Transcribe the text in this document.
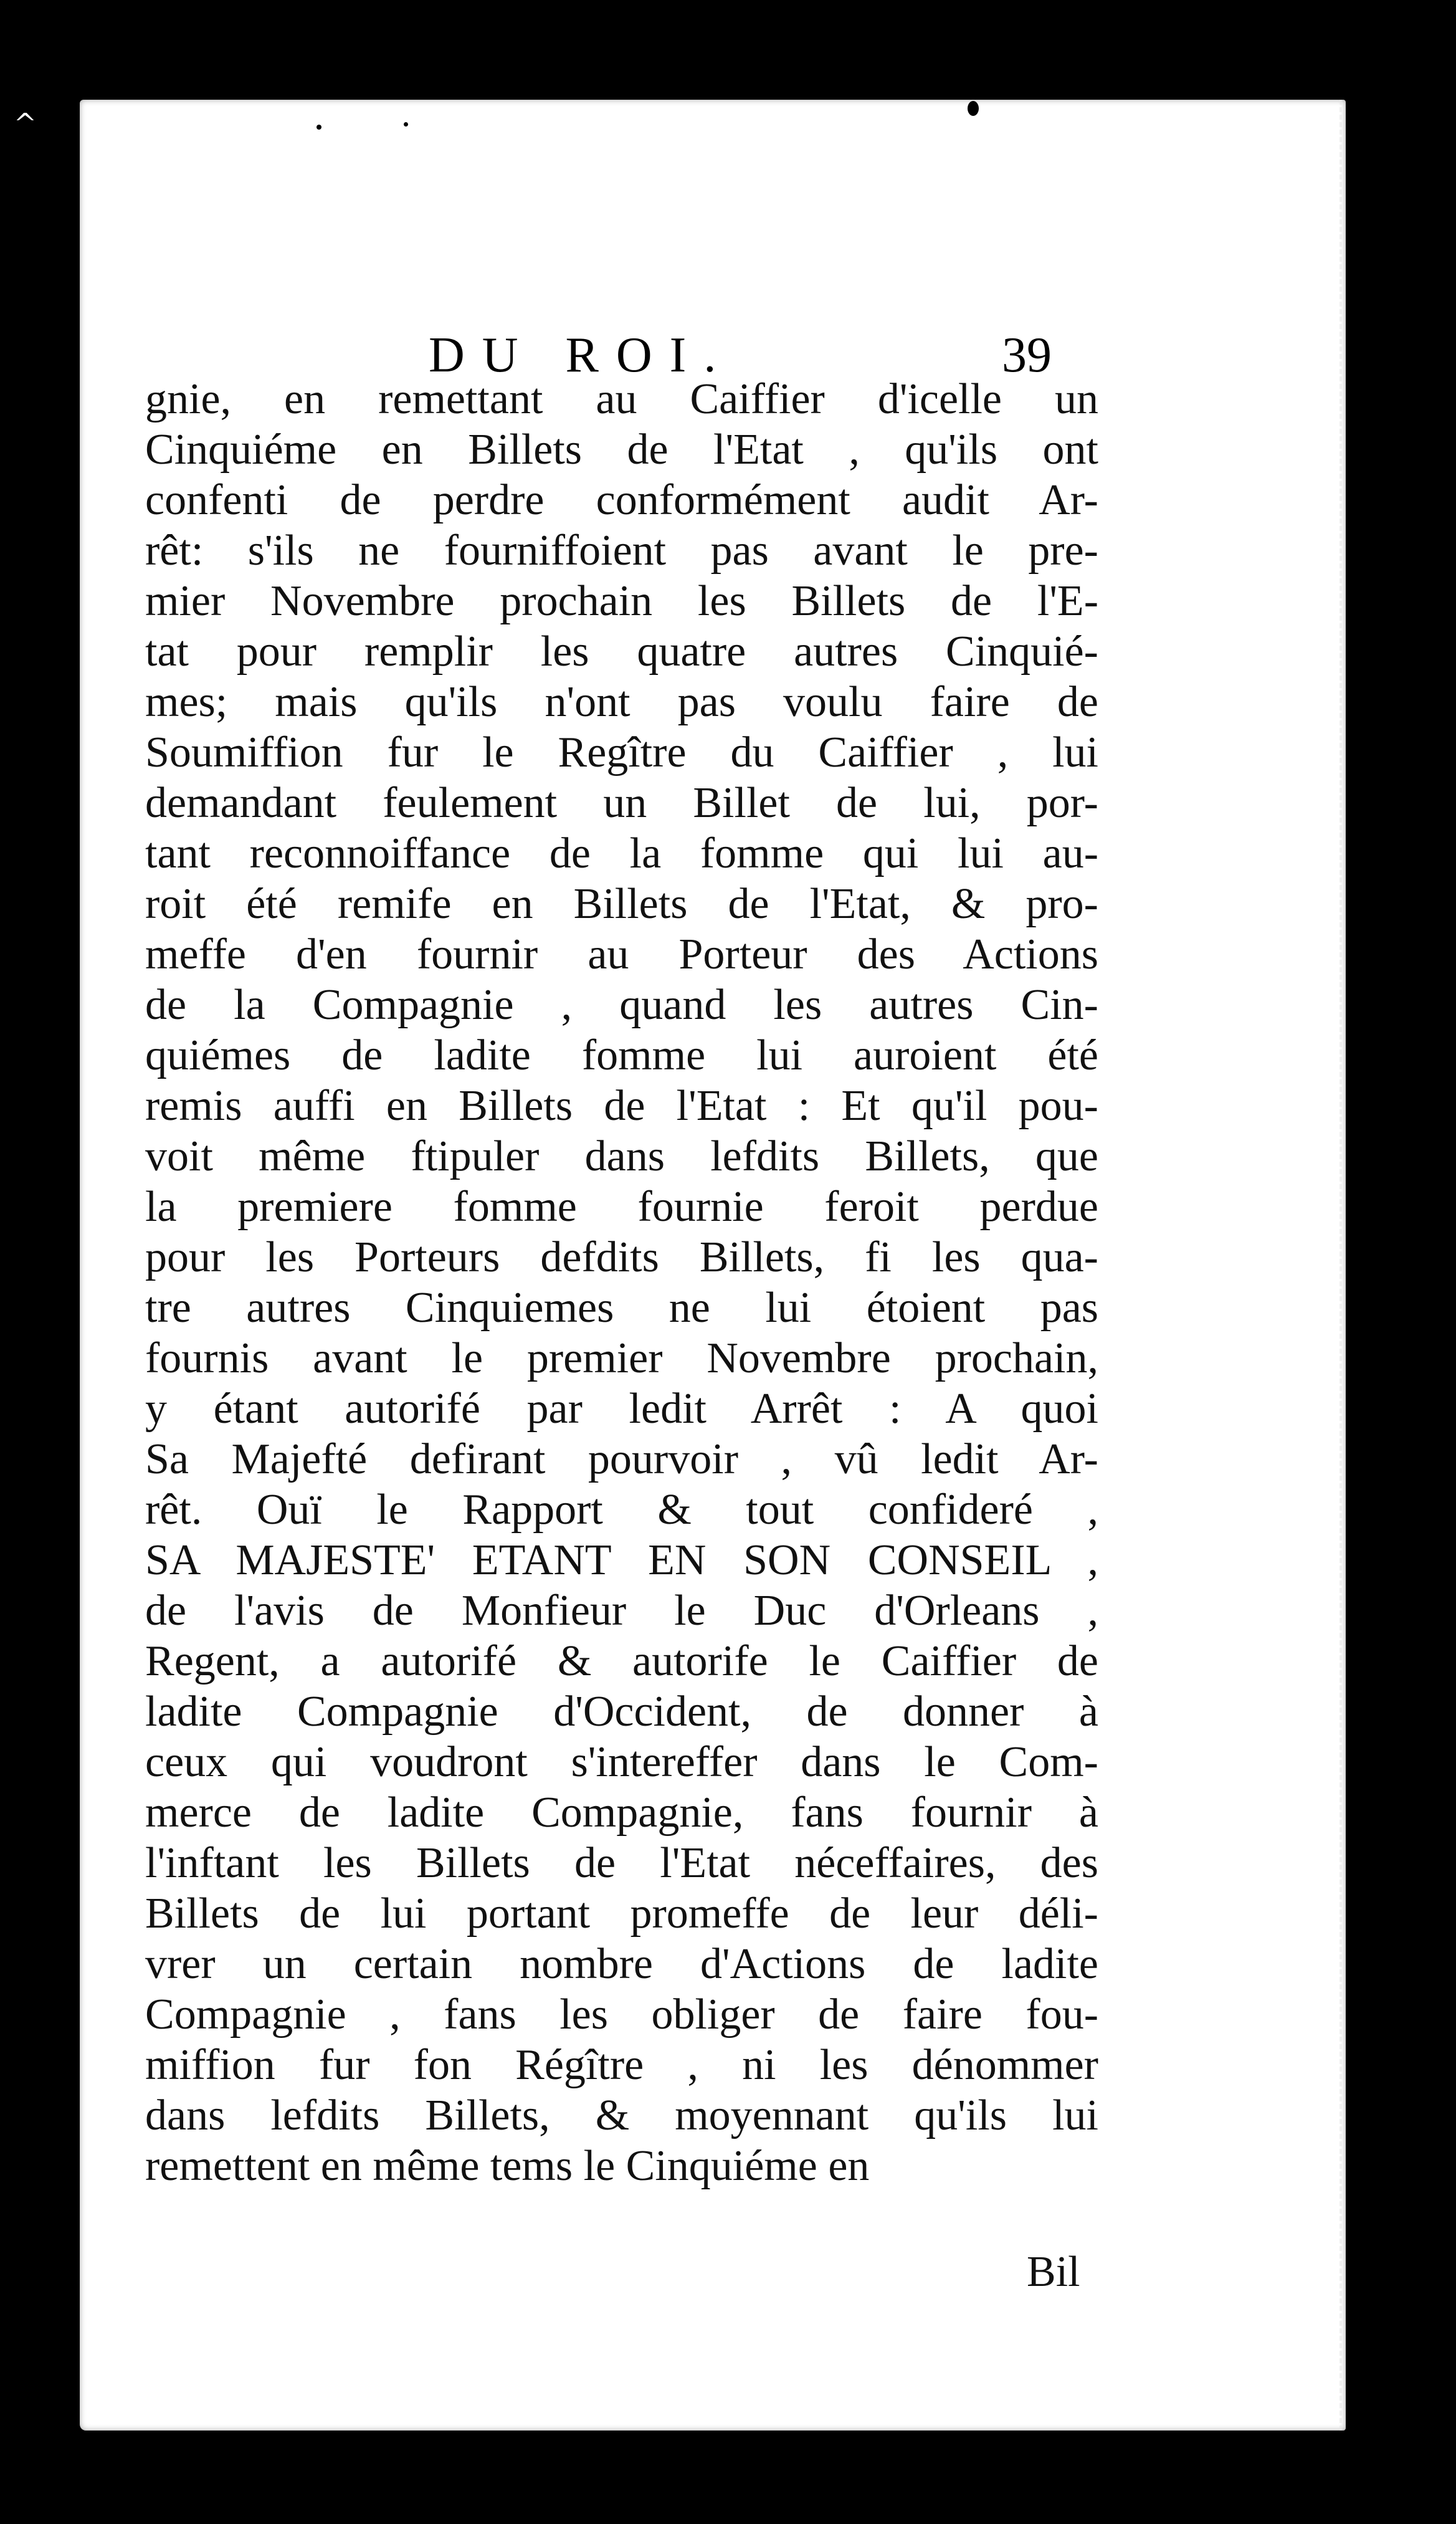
^
DU ROI.	39
gnie, en remettant au Caiffier d'icelle un
Cinquiéme en Billets de l'Etat , qu'ils ont
confenti de perdre conformément audit Ar-
rêt: s'ils ne fourniffoient pas avant le pre-
mier Novembre prochain les Billets de l'E-
tat pour remplir les quatre autres Cinquié-
mes; mais qu'ils n'ont pas voulu faire de
Soumiffion fur le Regître du Caiffier , lui
demandant feulement un Billet de lui, por-
tant reconnoiffance de la fomme qui lui au-
roit été remife en Billets de l'Etat, & pro-
meffe d'en fournir au Porteur des Actions
de la Compagnie , quand les autres Cin-
quiémes de ladite fomme lui auroient été
remis auffi en Billets de l'Etat : Et qu'il pou-
voit même ftipuler dans lefdits Billets, que
la premiere fomme fournie feroit perdue
pour les Porteurs defdits Billets, fi les qua-
tre autres Cinquiemes ne lui étoient pas
fournis avant le premier Novembre prochain,
y étant autorifé par ledit Arrêt : A quoi
Sa Majefté defirant pourvoir , vû ledit Ar-
rêt. Ouï le Rapport & tout confideré ,
SA MAJESTE' ETANT EN SON CONSEIL ,
de l'avis de Monfieur le Duc d'Orleans ,
Regent, a autorifé & autorife le Caiffier de
ladite Compagnie d'Occident, de donner à
ceux qui voudront s'intereffer dans le Com-
merce de ladite Compagnie, fans fournir à
l'inftant les Billets de l'Etat néceffaires, des
Billets de lui portant promeffe de leur déli-
vrer un certain nombre d'Actions de ladite
Compagnie , fans les obliger de faire fou-
miffion fur fon Régître , ni les dénommer
dans lefdits Billets, & moyennant qu'ils lui
remettent en même tems le Cinquiéme en
Bil
